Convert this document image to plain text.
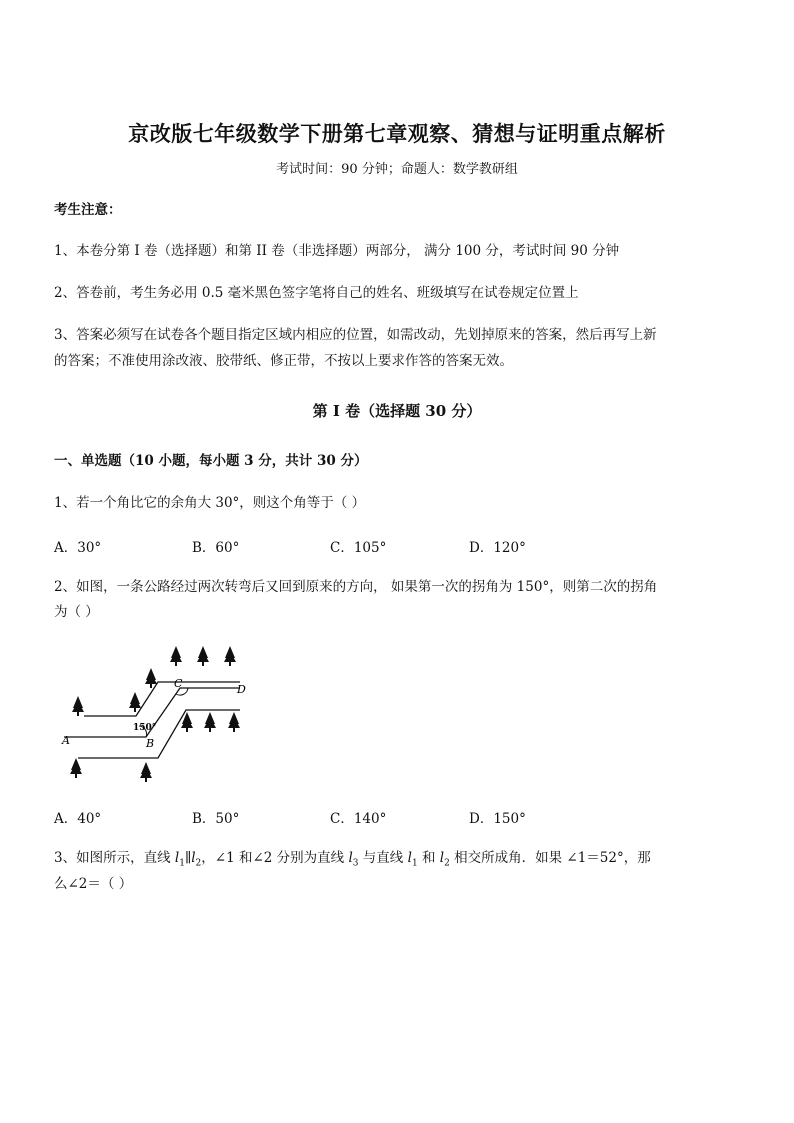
京改版七年级数学下册第七章观察、猜想与证明重点解析
考试时间：90 分钟；命题人：数学教研组
考生注意：
1、本卷分第 I 卷（选择题）和第 II 卷（非选择题）两部分， 满分 100 分，考试时间 90 分钟
2、答卷前，考生务必用 0.5 毫米黑色签字笔将自己的姓名、班级填写在试卷规定位置上
3、答案必须写在试卷各个题目指定区域内相应的位置，如需改动，先划掉原来的答案，然后再写上新
的答案；不准使用涂改液、胶带纸、修正带，不按以上要求作答的答案无效。
第 I 卷（选择题 30 分）
一、单选题（10 小题，每小题 3 分，共计 30 分）
1、若一个角比它的余角大 30°，则这个角等于（ ）
A．30°	B．60°	C．105°	D．120°
2、如图，一条公路经过两次转弯后又回到原来的方向， 如果第一次的拐角为 150°，则第二次的拐角
为（ ）
A	B
C	D
150°
A．40°	B．50°	C．140°	D．150°
3、如图所示，直线 $l_1\parallel l_2$，∠1 和∠2 分别为直线 $l_3$ 与直线 $l_1$ 和 $l_2$ 相交所成角．如果 ∠1＝52°，那
么∠2＝（ ）
